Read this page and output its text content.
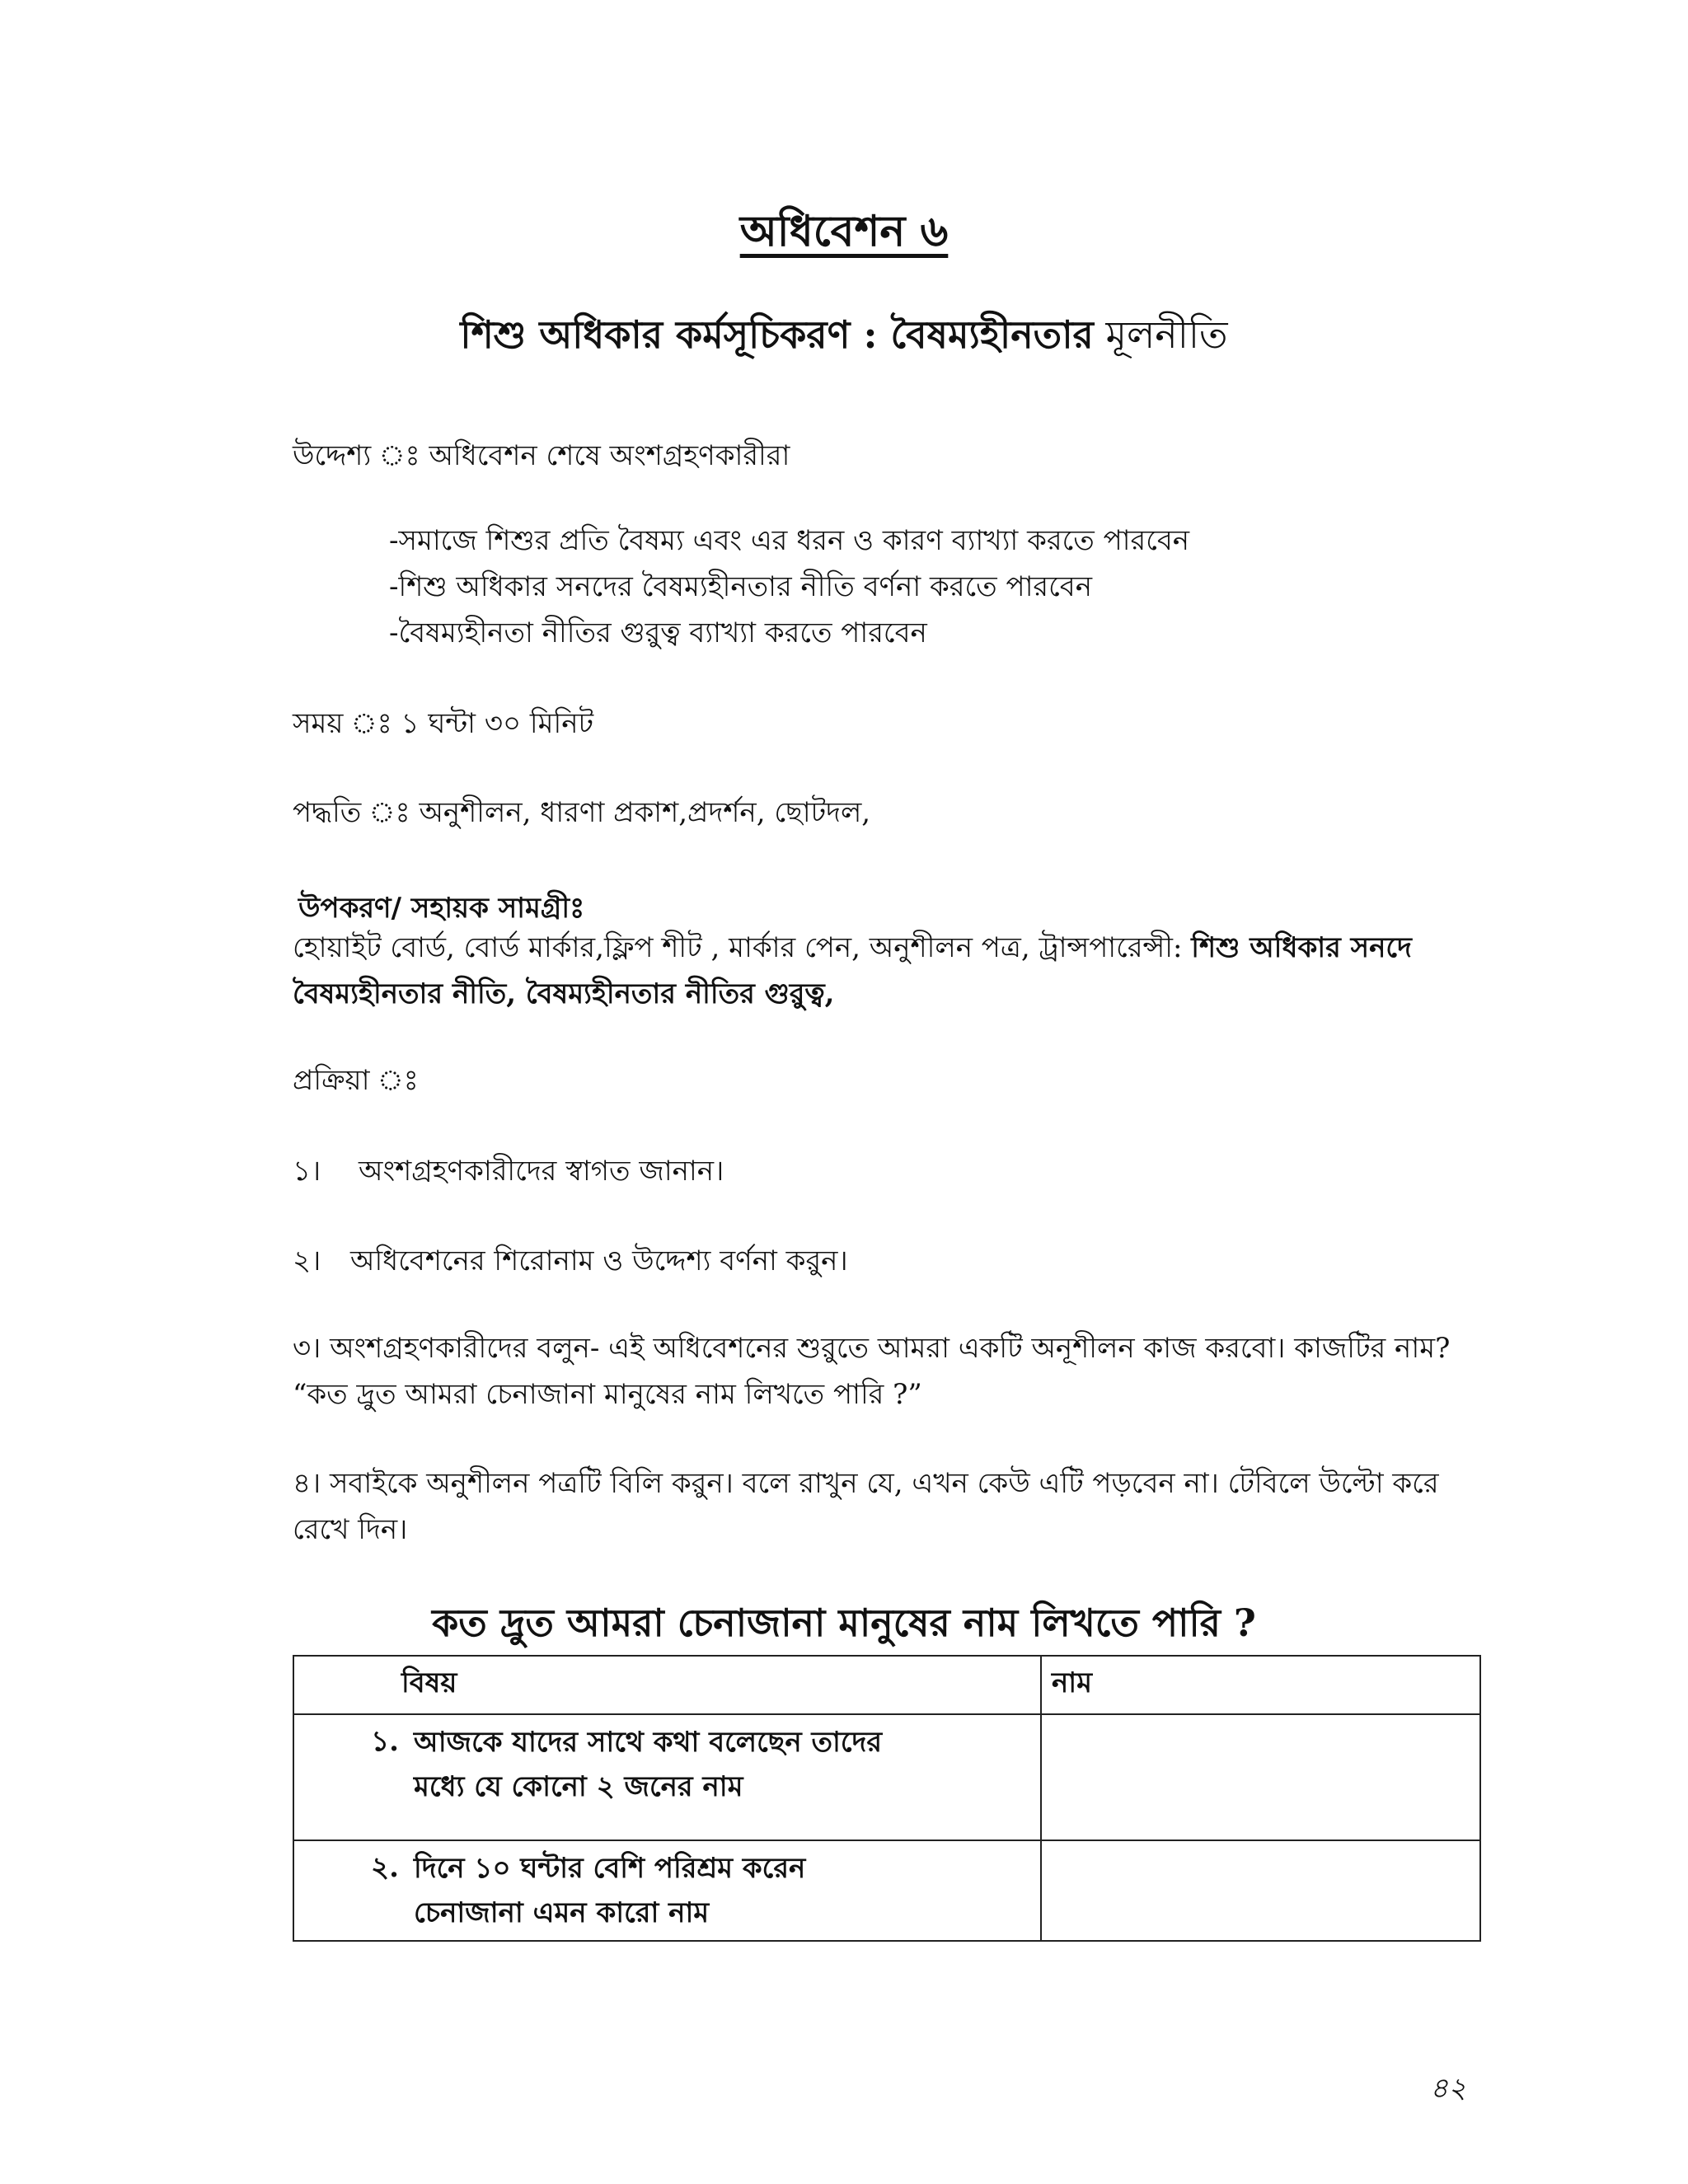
অধিবেশন ৬
শিশু অধিকার কর্মসূচিকরণ : বৈষম্যহীনতার মূলনীতি
উদ্দেশ্য ঃ অধিবেশন শেষে অংশগ্রহণকারীরা
-সমাজে শিশুর প্রতি বৈষম্য এবং এর ধরন ও কারণ ব্যাখ্যা করতে পারবেন
-শিশু অধিকার সনদের বৈষম্যহীনতার নীতি বর্ণনা করতে পারবেন
-বৈষম্যহীনতা নীতির গুর‍ুত্ব ব্যাখ্যা করতে পারবেন
সময় ঃ ১ ঘন্টা ৩০ মিনিট
পদ্ধতি ঃ অনুশীলন, ধারণা প্রকাশ,প্রদর্শন, ছোটদল,
উপকরণ/ সহায়ক সামগ্রীঃ
হোয়াইট বোর্ড, বোর্ড মার্কার,ফ্লিপ শীট , মার্কার পেন, অনুশীলন পত্র, ট্রান্সপারেন্সী: শিশু অধিকার সনদে বৈষম্যহীনতার নীতি, বৈষম্যহীনতার নীতির গুর‍ুত্ব,
প্রক্রিয়া ঃ
১। অংশগ্রহণকারীদের স্বাগত জানান।
২। অধিবেশনের শিরোনাম ও উদ্দেশ্য বর্ণনা কর‍ুন।
৩। অংশগ্রহণকারীদের বলুন- এই অধিবেশনের শুর‍ুতে আমরা একটি অনূশীলন কাজ করবো। কাজটির নাম? “কত দ্র‍ুত আমরা চেনাজানা মানুষের নাম লিখতে পারি ?”
৪। সবাইকে অনুশীলন পত্রটি বিলি কর‍ুন। বলে রাখুন যে, এখন কেউ এটি পড়বেন না। টেবিলে উল্টো করে রেখে দিন।
কত দ্র‍ুত আমরা চেনাজানা মানুষের নাম লিখতে পারি ?
বিষয়	নাম
১. আজকে যাদের সাথে কথা বলেছেন তাদের মধ্যে যে কোনো ২ জনের নাম	
২. দিনে ১০ ঘন্টার বেশি পরিশ্রম করেন চেনাজানা এমন কারো নাম	
৪২
